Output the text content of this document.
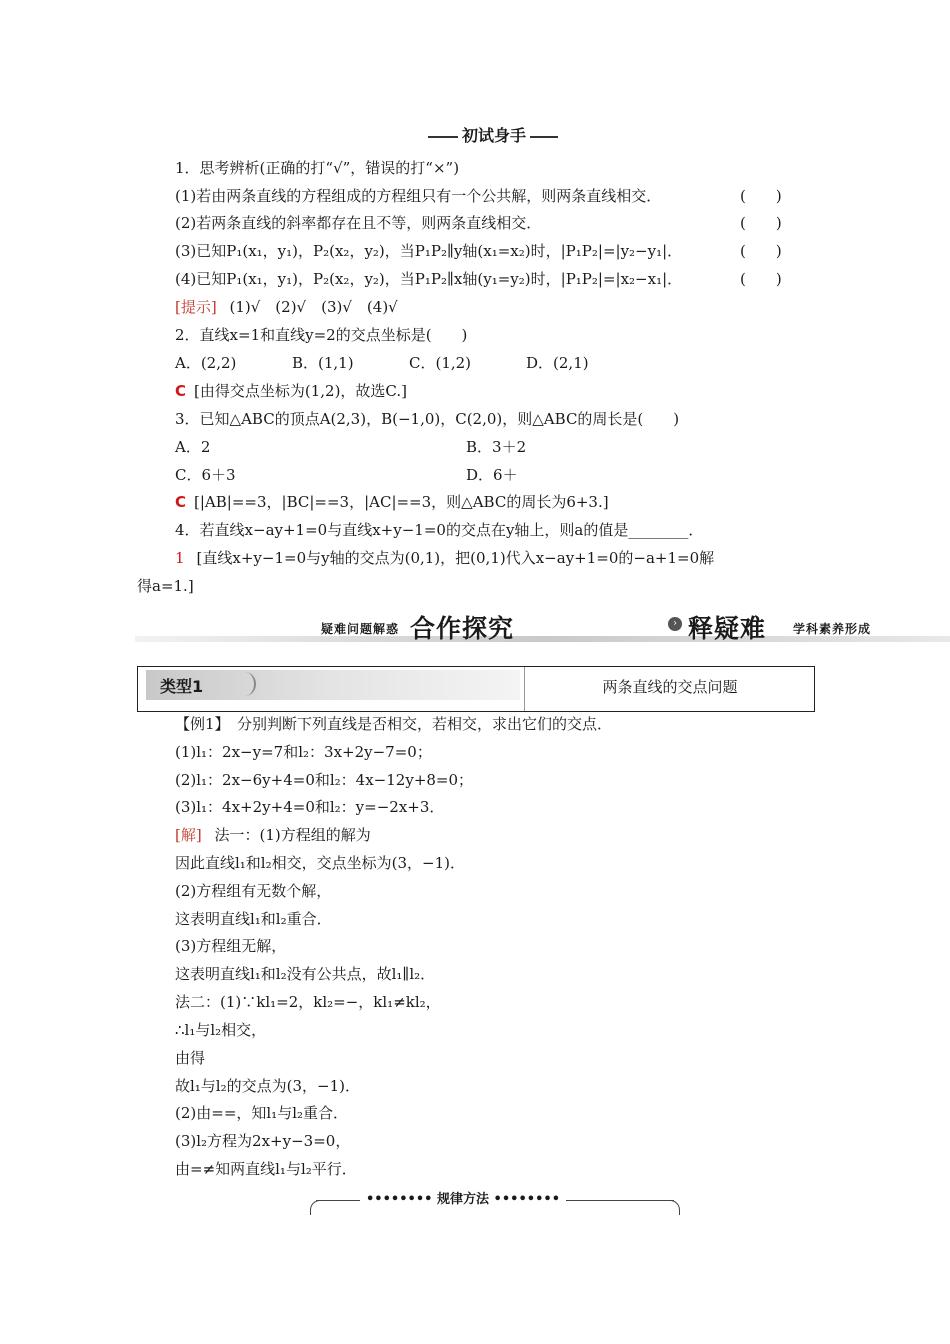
初试身手
1．思考辨析(正确的打“√”，错误的打“×”)
(1)若由两条直线的方程组成的方程组只有一个公共解，则两条直线相交．	(　　)
(2)若两条直线的斜率都存在且不等，则两条直线相交．	(　　)
(3)已知P₁(x₁，y₁)，P₂(x₂，y₂)，当P₁P₂∥y轴(x₁=x₂)时，|P₁P₂|=|y₂−y₁|．	(　　)
(4)已知P₁(x₁，y₁)，P₂(x₂，y₂)，当P₁P₂∥x轴(y₁=y₂)时，|P₁P₂|=|x₂−x₁|．	(　　)
[提示] (1)√　(2)√　(3)√　(4)√
2．直线x=1和直线y=2的交点坐标是(　　)
A．(2,2)	B．(1,1)	C．(1,2)	D．(2,1)
C [由得交点坐标为(1,2)，故选C.]
3．已知△ABC的顶点A(2,3)，B(−1,0)，C(2,0)，则△ABC的周长是(　　)
A．2	B．3＋2
C．6＋3	D．6＋
C [|AB|==3，|BC|==3，|AC|==3，则△ABC的周长为6+3.]
4．若直线x−ay+1=0与直线x+y−1=0的交点在y轴上，则a的值是________．
1 [直线x+y−1=0与y轴的交点为(0,1)，把(0,1)代入x−ay+1=0的−a+1=0解
得a=1.]
疑难问题解惑 合作探究	› 释疑难 学科素养形成
类型1	两条直线的交点问题
【例1】　分别判断下列直线是否相交，若相交，求出它们的交点．
(1)l₁：2x−y=7和l₂：3x+2y−7=0；
(2)l₁：2x−6y+4=0和l₂：4x−12y+8=0；
(3)l₁：4x+2y+4=0和l₂：y=−2x+3．
[解] 法一：(1)方程组的解为
因此直线l₁和l₂相交，交点坐标为(3，−1)．
(2)方程组有无数个解，
这表明直线l₁和l₂重合．
(3)方程组无解，
这表明直线l₁和l₂没有公共点，故l₁∥l₂．
法二：(1)∵kl₁=2，kl₂=−，kl₁≠kl₂，
∴l₁与l₂相交，
由得
故l₁与l₂的交点为(3，−1)．
(2)由==，知l₁与l₂重合．
(3)l₂方程为2x+y−3=0，
由=≠知两直线l₁与l₂平行．
•••••••• 规律方法 ••••••••
